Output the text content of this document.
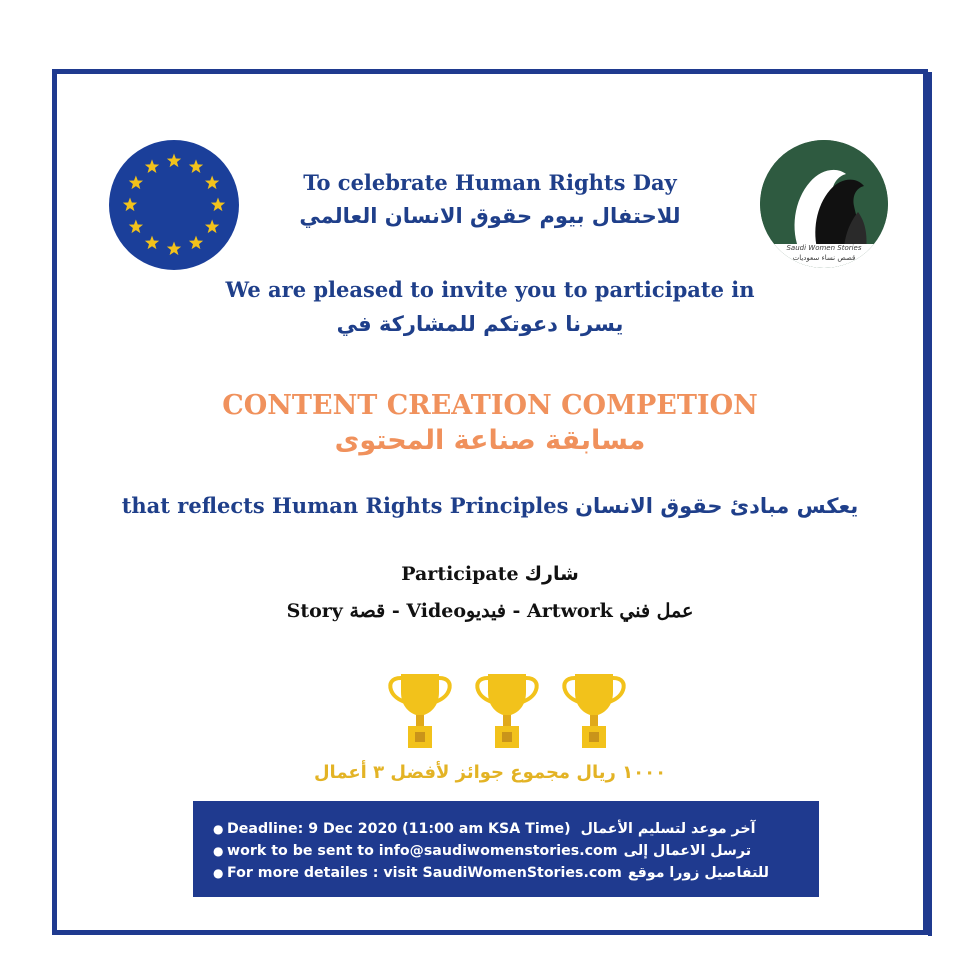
Saudi Women Stories
قصص نساء سعوديات
To celebrate Human Rights Day
للاحتفال بيوم حقوق الانسان العالمي
We are pleased to invite you to participate in
يسرنا دعوتكم للمشاركة في
CONTENT CREATION COMPETION
مسابقة صناعة المحتوى
that reflects Human Rights Principles يعكس مبادئ حقوق الانسان
Participate شارك
Story قصة - Videoفيديو - Artwork عمل فني
١٠٠٠ ريال مجموع جوائز لأفضل ٣ أعمال
● Deadline: 9 Dec 2020 (11:00 am KSA Time) آخر موعد لتسليم الأعمال
● work to be sent to info@saudiwomenstories.com ترسل الاعمال إلى
● For more detailes : visit SaudiWomenStories.com للتفاصيل زورا موقع
